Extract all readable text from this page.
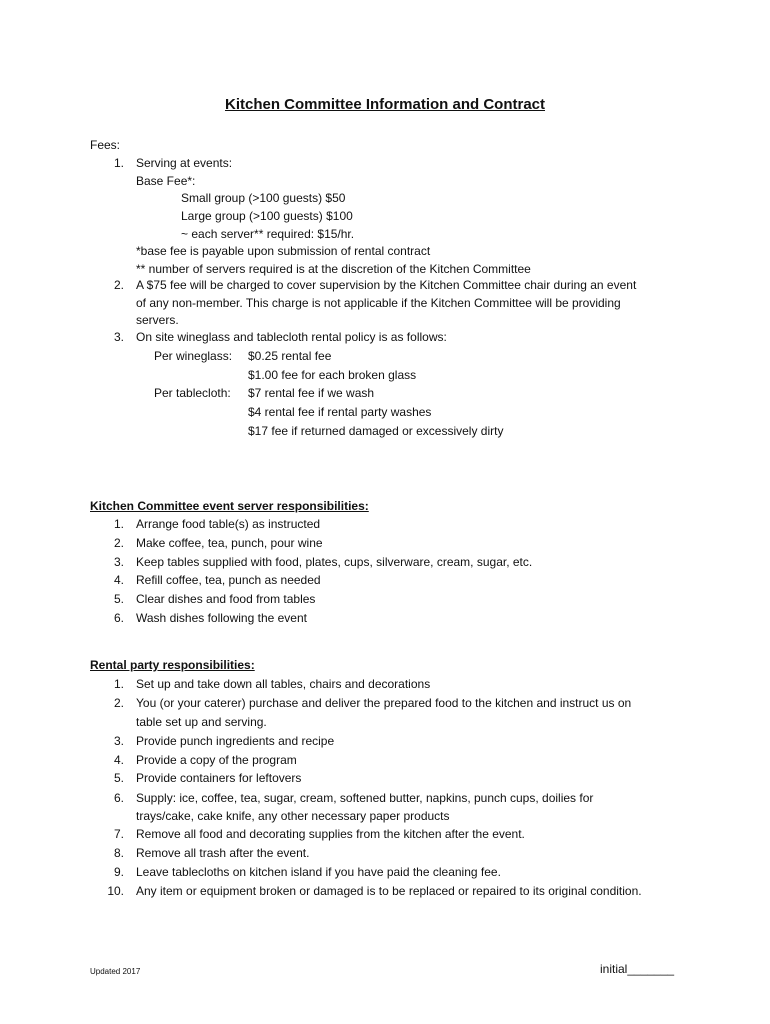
Kitchen Committee Information and Contract
Fees:
1. Serving at events:
Base Fee*:
Small group (>100 guests) $50
Large group (>100 guests) $100
~ each server** required: $15/hr.
*base fee is payable upon submission of rental contract
** number of servers required is at the discretion of the Kitchen Committee
2. A $75 fee will be charged to cover supervision by the Kitchen Committee chair during an event
of any non-member. This charge is not applicable if the Kitchen Committee will be providing
servers.
3. On site wineglass and tablecloth rental policy is as follows:
Per wineglass: $0.25 rental fee
$1.00 fee for each broken glass
Per tablecloth: $7 rental fee if we wash
$4 rental fee if rental party washes
$17 fee if returned damaged or excessively dirty
Kitchen Committee event server responsibilities:
1. Arrange food table(s) as instructed
2. Make coffee, tea, punch, pour wine
3. Keep tables supplied with food, plates, cups, silverware, cream, sugar, etc.
4. Refill coffee, tea, punch as needed
5. Clear dishes and food from tables
6. Wash dishes following the event
Rental party responsibilities:
1. Set up and take down all tables, chairs and decorations
2. You (or your caterer) purchase and deliver the prepared food to the kitchen and instruct us on
table set up and serving.
3. Provide punch ingredients and recipe
4. Provide a copy of the program
5. Provide containers for leftovers
6. Supply: ice, coffee, tea, sugar, cream, softened butter, napkins, punch cups, doilies for
trays/cake, cake knife, any other necessary paper products
7. Remove all food and decorating supplies from the kitchen after the event.
8. Remove all trash after the event.
9. Leave tablecloths on kitchen island if you have paid the cleaning fee.
10. Any item or equipment broken or damaged is to be replaced or repaired to its original condition.
Updated 2017	initial_______
